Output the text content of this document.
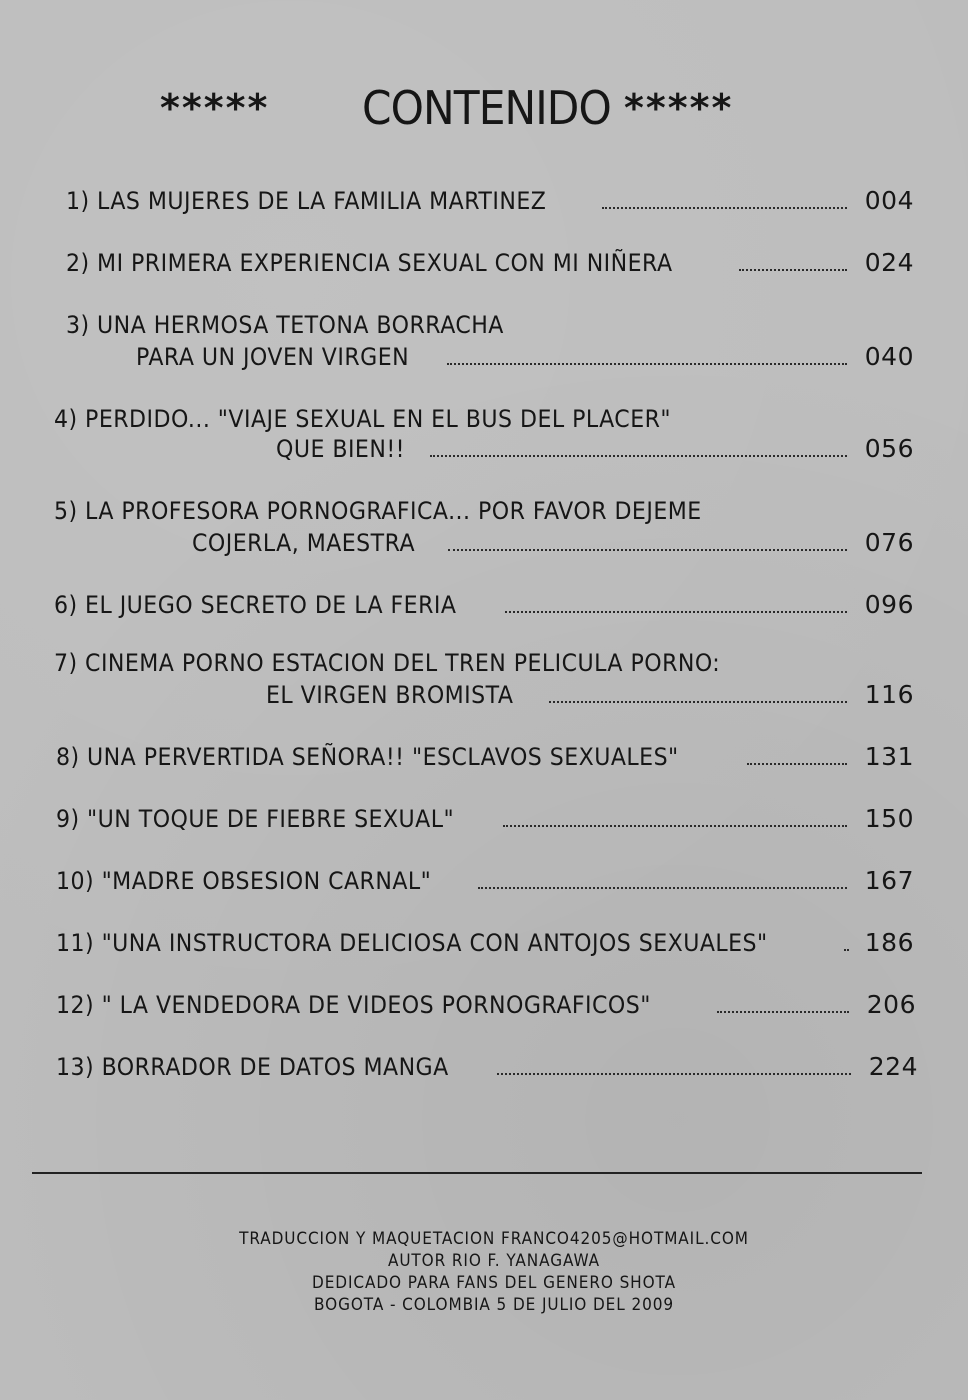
***** CONTENIDO *****
1) LAS MUJERES DE LA FAMILIA MARTINEZ	004
2) MI PRIMERA EXPERIENCIA SEXUAL CON MI NIÑERA	024
3) UNA HERMOSA TETONA BORRACHA
PARA UN JOVEN VIRGEN	040
4) PERDIDO... "VIAJE SEXUAL EN EL BUS DEL PLACER"
QUE BIEN!!	056
5) LA PROFESORA PORNOGRAFICA... POR FAVOR DEJEME
COJERLA, MAESTRA	076
6) EL JUEGO SECRETO DE LA FERIA	096
7) CINEMA PORNO ESTACION DEL TREN PELICULA PORNO:
EL VIRGEN BROMISTA	116
8) UNA PERVERTIDA SEÑORA!! "ESCLAVOS SEXUALES"	131
9) "UN TOQUE DE FIEBRE SEXUAL"	150
10) "MADRE OBSESION CARNAL"	167
11) "UNA INSTRUCTORA DELICIOSA CON ANTOJOS SEXUALES"	186
12) " LA VENDEDORA DE VIDEOS PORNOGRAFICOS"	206
13) BORRADOR DE DATOS MANGA	224
TRADUCCION Y MAQUETACION FRANCO4205@HOTMAIL.COM
AUTOR RIO F. YANAGAWA
DEDICADO PARA FANS DEL GENERO SHOTA
BOGOTA - COLOMBIA 5 DE JULIO DEL 2009
